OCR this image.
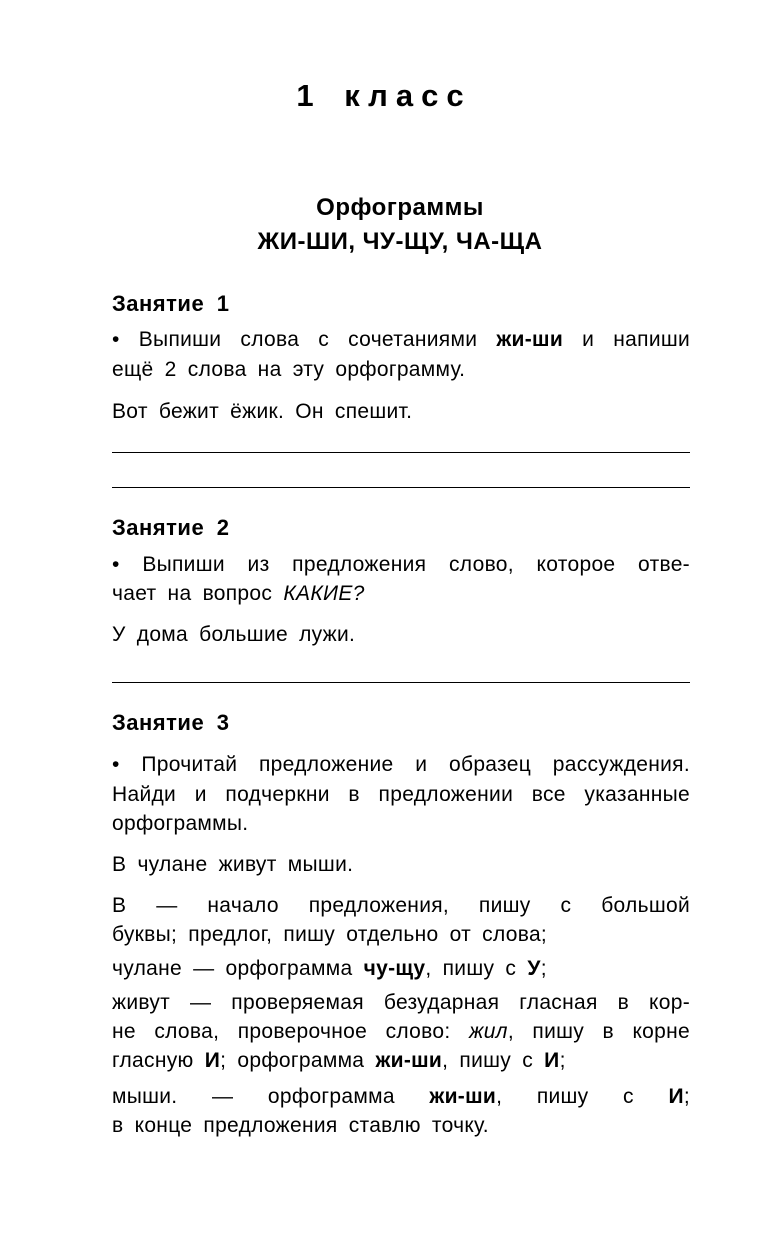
1 класс
Орфограммы
ЖИ-ШИ, ЧУ-ЩУ, ЧА-ЩА
Занятие 1
• Выпиши слова с сочетаниями жи-ши и напиши
ещё 2 слова на эту орфограмму.
Вот бежит ёжик. Он спешит.
Занятие 2
• Выпиши из предложения слово, которое отве-
чает на вопрос КАКИЕ?
У дома большие лужи.
Занятие 3
• Прочитай предложение и образец рассуждения.
Найди и подчеркни в предложении все указанные
орфограммы.
В чулане живут мыши.
В — начало предложения, пишу с большой
буквы; предлог, пишу отдельно от слова;
чулане — орфограмма чу-щу, пишу с У;
живут — проверяемая безударная гласная в кор-
не слова, проверочное слово: жил, пишу в корне
гласную И; орфограмма жи-ши, пишу с И;
мыши. — орфограмма жи-ши, пишу с И;
в конце предложения ставлю точку.
